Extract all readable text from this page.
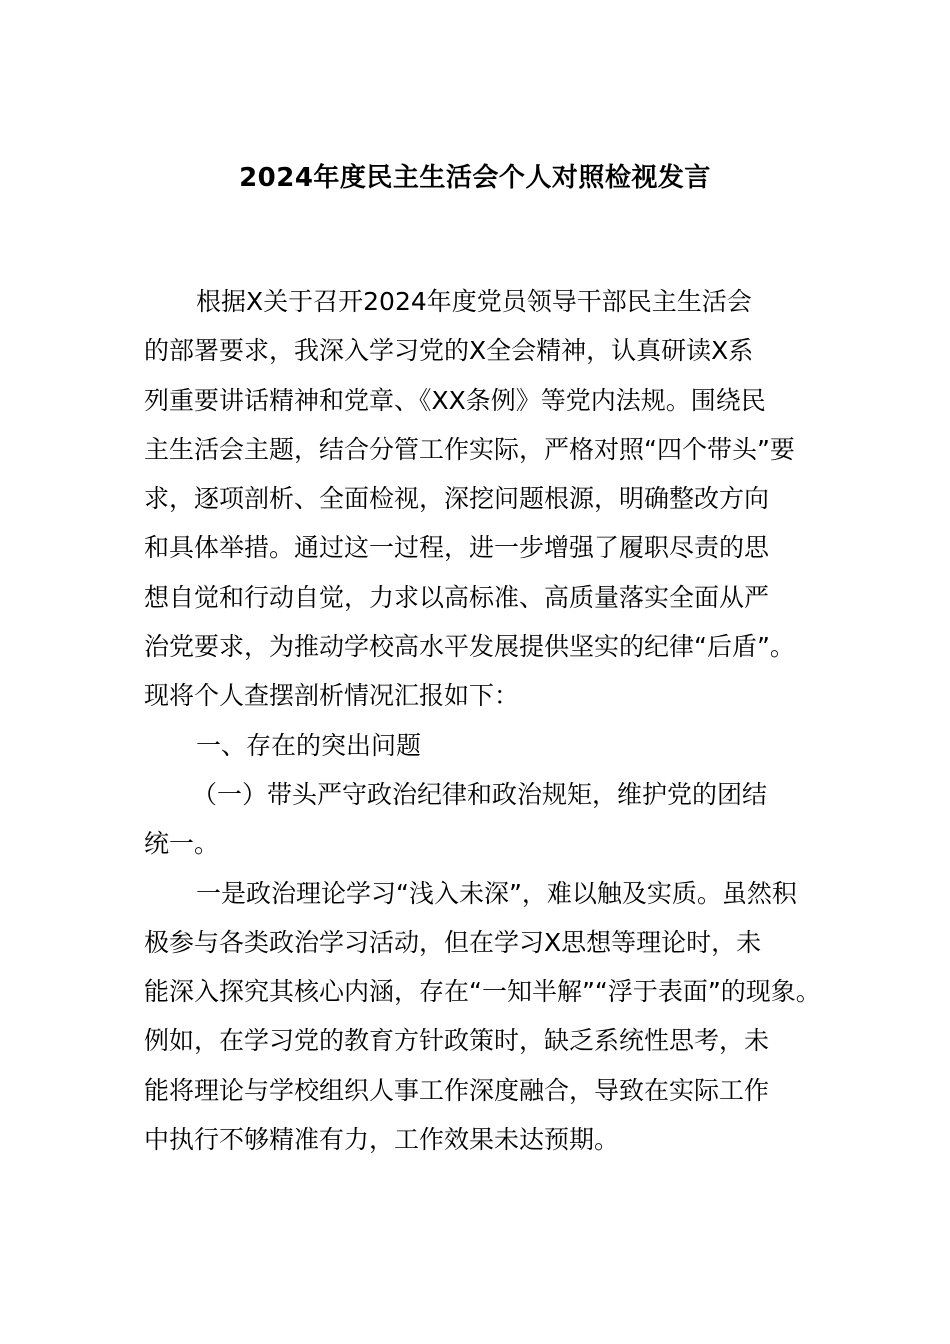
2024年度民主生活会个人对照检视发言
根据X关于召开2024年度党员领导干部民主生活会
的部署要求，我深入学习党的X全会精神，认真研读X系
列重要讲话精神和党章、《XX条例》等党内法规。围绕民
主生活会主题，结合分管工作实际，严格对照“四个带头”要
求，逐项剖析、全面检视，深挖问题根源，明确整改方向
和具体举措。通过这一过程，进一步增强了履职尽责的思
想自觉和行动自觉，力求以高标准、高质量落实全面从严
治党要求，为推动学校高水平发展提供坚实的纪律“后盾”。
现将个人查摆剖析情况汇报如下：
一、存在的突出问题
（一）带头严守政治纪律和政治规矩，维护党的团结
统一。
一是政治理论学习“浅入未深”，难以触及实质。虽然积
极参与各类政治学习活动，但在学习X思想等理论时，未
能深入探究其核心内涵，存在“一知半解”“浮于表面”的现象。
例如，在学习党的教育方针政策时，缺乏系统性思考，未
能将理论与学校组织人事工作深度融合，导致在实际工作
中执行不够精准有力，工作效果未达预期。
